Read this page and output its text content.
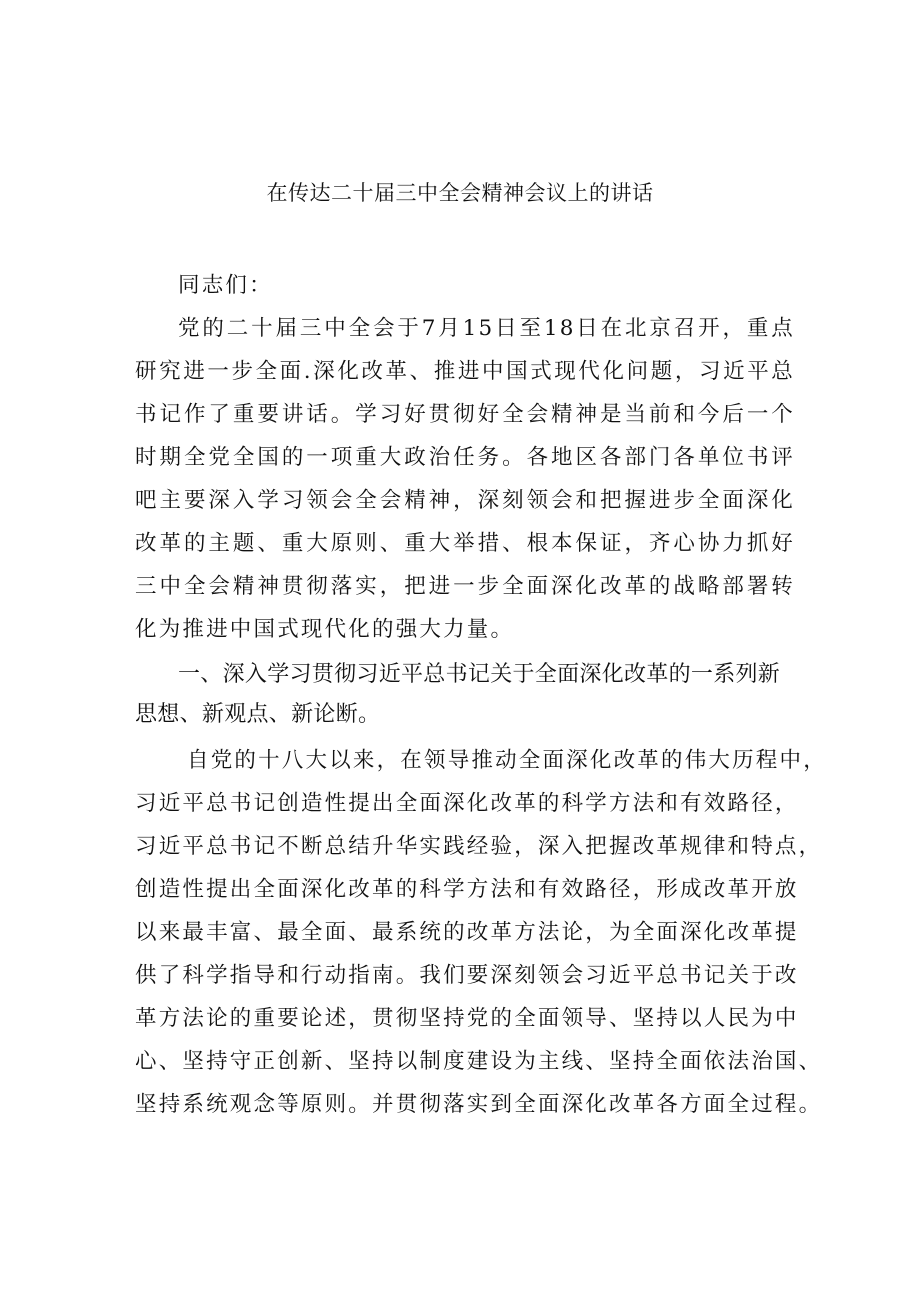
在传达二十届三中全会精神会议上的讲话

同志们：

党的二十届三中全会于7月15日至18日在北京召开，重点研究进一步全面.深化改革、推进中国式现代化问题，习近平总书记作了重要讲话。学习好贯彻好全会精神是当前和今后一个时期全党全国的一项重大政治任务。各地区各部门各单位书评吧主要深入学习领会全会精神，深刻领会和把握进步全面深化改革的主题、重大原则、重大举措、根本保证，齐心协力抓好三中全会精神贯彻落实，把进一步全面深化改革的战略部署转化为推进中国式现代化的强大力量。

一、深入学习贯彻习近平总书记关于全面深化改革的一系列新思想、新观点、新论断。

自党的十八大以来，在领导推动全面深化改革的伟大历程中，
习近平总书记创造性提出全面深化改革的科学方法和有效路径，
习近平总书记不断总结升华实践经验，深入把握改革规律和特点，
创造性提出全面深化改革的科学方法和有效路径，形成改革开放
以来最丰富、最全面、最系统的改革方法论，为全面深化改革提
供了科学指导和行动指南。我们要深刻领会习近平总书记关于改
革方法论的重要论述，贯彻坚持党的全面领导、坚持以人民为中
心、坚持守正创新、坚持以制度建设为主线、坚持全面依法治国、
坚持系统观念等原则。并贯彻落实到全面深化改革各方面全过程。
